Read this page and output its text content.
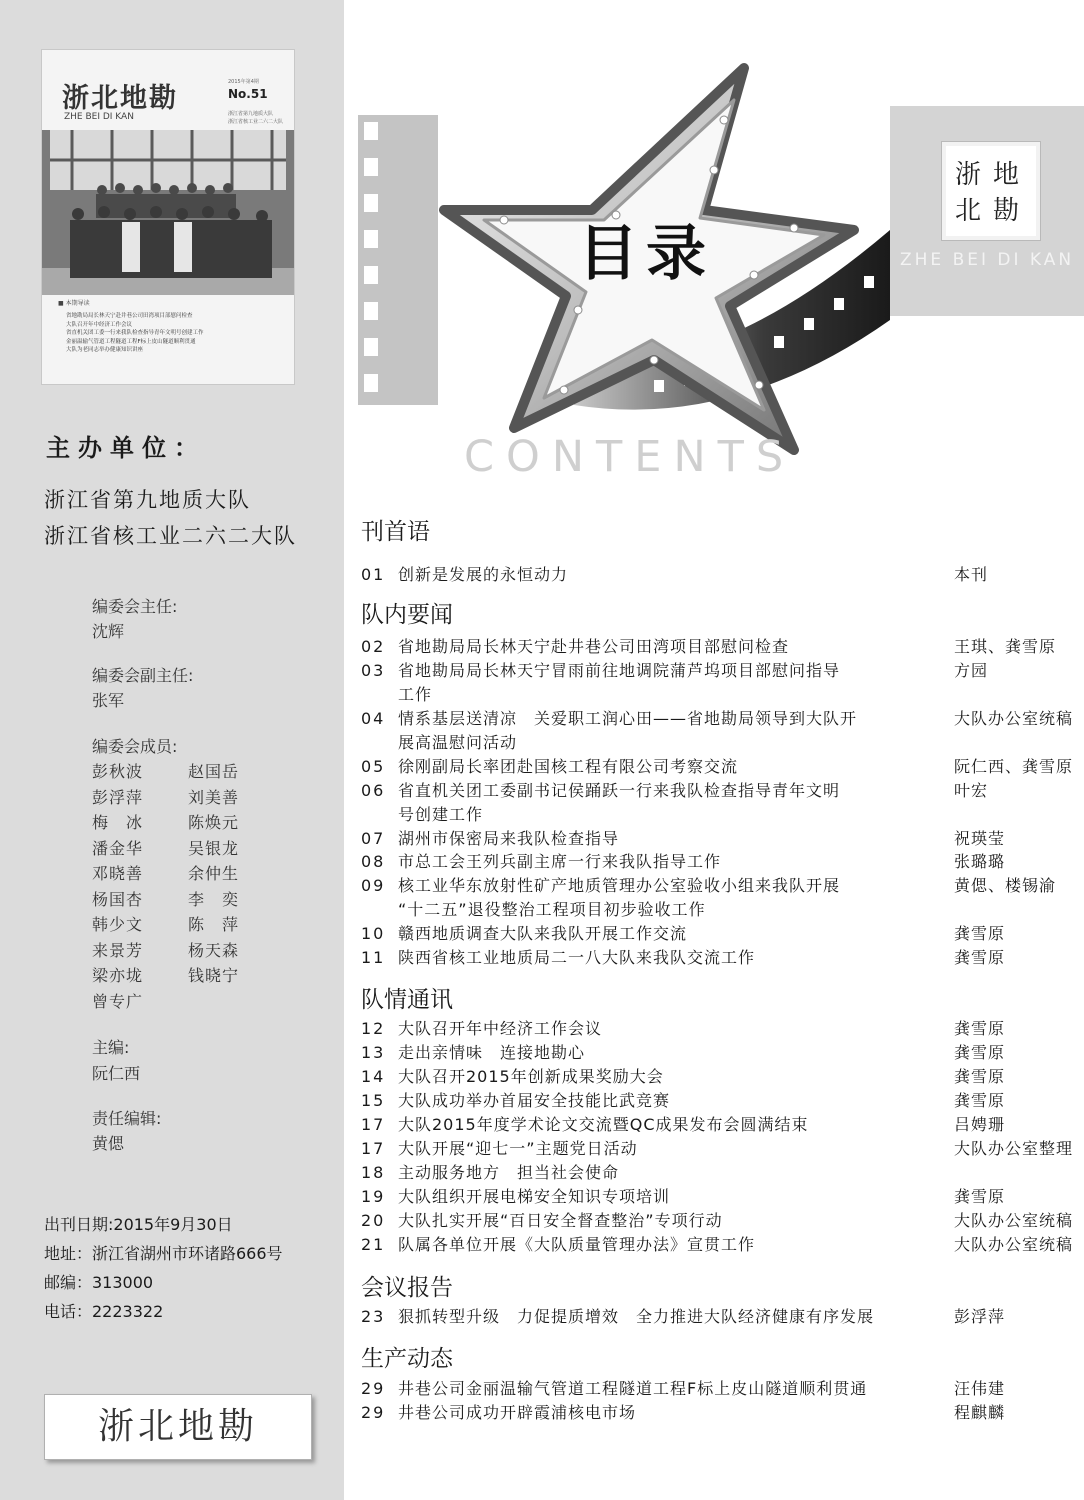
浙北地勘
ZHE BEI DI KAN
2015年第4期
No.51
浙江省第九地质大队
浙江省核工业二六二大队
■ 本期导读
省地勘局局长林天宁赴井巷公司田湾项目部慰问检查
大队召开年中经济工作会议
省直机关团工委一行来我队检查指导青年文明号创建工作
金丽温输气管道工程隧道工程F标上皮山隧道顺利贯通
大队为老同志举办健康知识讲座
主办单位：
浙江省第九地质大队
浙江省核工业二六二大队
编委会主任:
沈辉
编委会副主任:
张军
编委会成员:
彭秋波	赵国岳
彭浮萍	刘美善
梅　冰	陈焕元
潘金华	吴银龙
邓晓善	余仲生
杨国杏	李　奕
韩少文	陈　萍
来景芳	杨天森
梁亦垅	钱晓宁
曾专广
主编:
阮仁西
责任编辑:
黄偲
出刊日期:2015年9月30日
地址：浙江省湖州市环诸路666号
邮编：313000
电话：2223322
浙北地勘
目录
CONTENTS
浙 地
北 勘
ZHE BEI DI KAN
刊首语
01 创新是发展的永恒动力	本刊
队内要闻
02 省地勘局局长林天宁赴井巷公司田湾项目部慰问检查	王琪、龚雪原
03 省地勘局局长林天宁冒雨前往地调院蒲芦坞项目部慰问指导	方园
工作
04 情系基层送清凉　关爱职工润心田——省地勘局领导到大队开	大队办公室统稿
展高温慰问活动
05 徐刚副局长率团赴国核工程有限公司考察交流	阮仁西、龚雪原
06 省直机关团工委副书记侯踊跃一行来我队检查指导青年文明	叶宏
号创建工作
07 湖州市保密局来我队检查指导	祝瑛莹
08 市总工会王列兵副主席一行来我队指导工作	张璐璐
09 核工业华东放射性矿产地质管理办公室验收小组来我队开展	黄偲、楼锡渝
“十二五”退役整治工程项目初步验收工作
10 赣西地质调查大队来我队开展工作交流	龚雪原
11 陕西省核工业地质局二一八大队来我队交流工作	龚雪原
队情通讯
12 大队召开年中经济工作会议	龚雪原
13 走出亲情味　连接地勘心	龚雪原
14 大队召开2015年创新成果奖励大会	龚雪原
15 大队成功举办首届安全技能比武竞赛	龚雪原
17 大队2015年度学术论文交流暨QC成果发布会圆满结束	吕娉珊
17 大队开展“迎七一”主题党日活动	大队办公室整理
18 主动服务地方　担当社会使命
19 大队组织开展电梯安全知识专项培训	龚雪原
20 大队扎实开展“百日安全督查整治”专项行动	大队办公室统稿
21 队属各单位开展《大队质量管理办法》宣贯工作	大队办公室统稿
会议报告
23 狠抓转型升级　力促提质增效　全力推进大队经济健康有序发展	彭浮萍
生产动态
29 井巷公司金丽温输气管道工程隧道工程F标上皮山隧道顺利贯通	汪伟建
29 井巷公司成功开辟霞浦核电市场	程麒麟
